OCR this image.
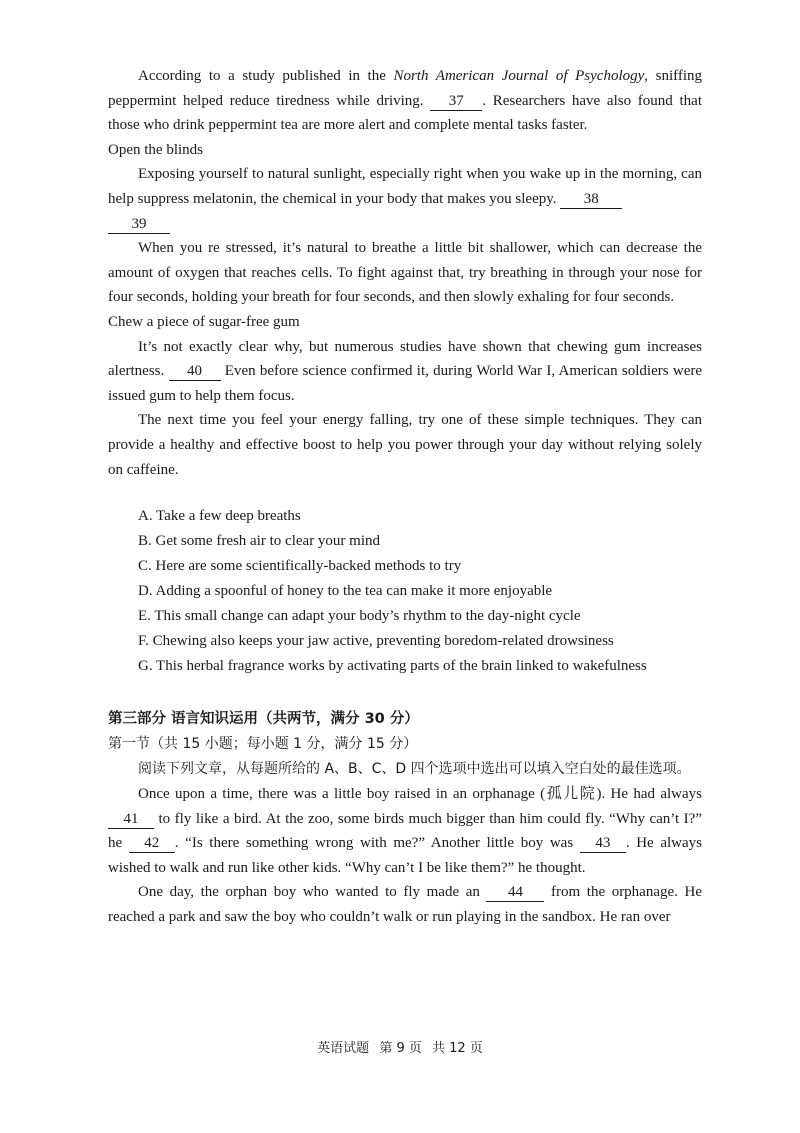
According to a study published in the North American Journal of Psychology, sniffing peppermint helped reduce tiredness while driving. 37 . Researchers have also found that those who drink peppermint tea are more alert and complete mental tasks faster.

Open the blinds

Exposing yourself to natural sunlight, especially right when you wake up in the morning, can help suppress melatonin, the chemical in your body that makes you sleepy. 38
39

When you re stressed, it’s natural to breathe a little bit shallower, which can decrease the amount of oxygen that reaches cells. To fight against that, try breathing in through your nose for four seconds, holding your breath for four seconds, and then slowly exhaling for four seconds.

Chew a piece of sugar-free gum

It’s not exactly clear why, but numerous studies have shown that chewing gum increases alertness. 40 Even before science confirmed it, during World War I, American soldiers were issued gum to help them focus.

The next time you feel your energy falling, try one of these simple techniques. They can provide a healthy and effective boost to help you power through your day without relying solely on caffeine.

A. Take a few deep breaths

B. Get some fresh air to clear your mind

C. Here are some scientifically-backed methods to try

D. Adding a spoonful of honey to the tea can make it more enjoyable

E. This small change can adapt your body’s rhythm to the day-night cycle

F. Chewing also keeps your jaw active, preventing boredom-related drowsiness

G. This herbal fragrance works by activating parts of the brain linked to wakefulness

第三部分 语言知识运用（共两节，满分 30 分）

第一节（共 15 小题；每小题 1 分，满分 15 分）

阅读下列文章，从每题所给的 A、B、C、D 四个选项中选出可以填入空白处的最佳选项。

Once upon a time, there was a little boy raised in an orphanage (孤儿院). He had always 41 to fly like a bird. At the zoo, some birds much bigger than him could fly. “Why can’t I?” he 42 . “Is there something wrong with me?” Another little boy was 43 . He always wished to walk and run like other kids. “Why can’t I be like them?” he thought.

One day, the orphan boy who wanted to fly made an 44 from the orphanage. He reached a park and saw the boy who couldn’t walk or run playing in the sandbox. He ran over

英语试题 第 9 页 共 12 页
